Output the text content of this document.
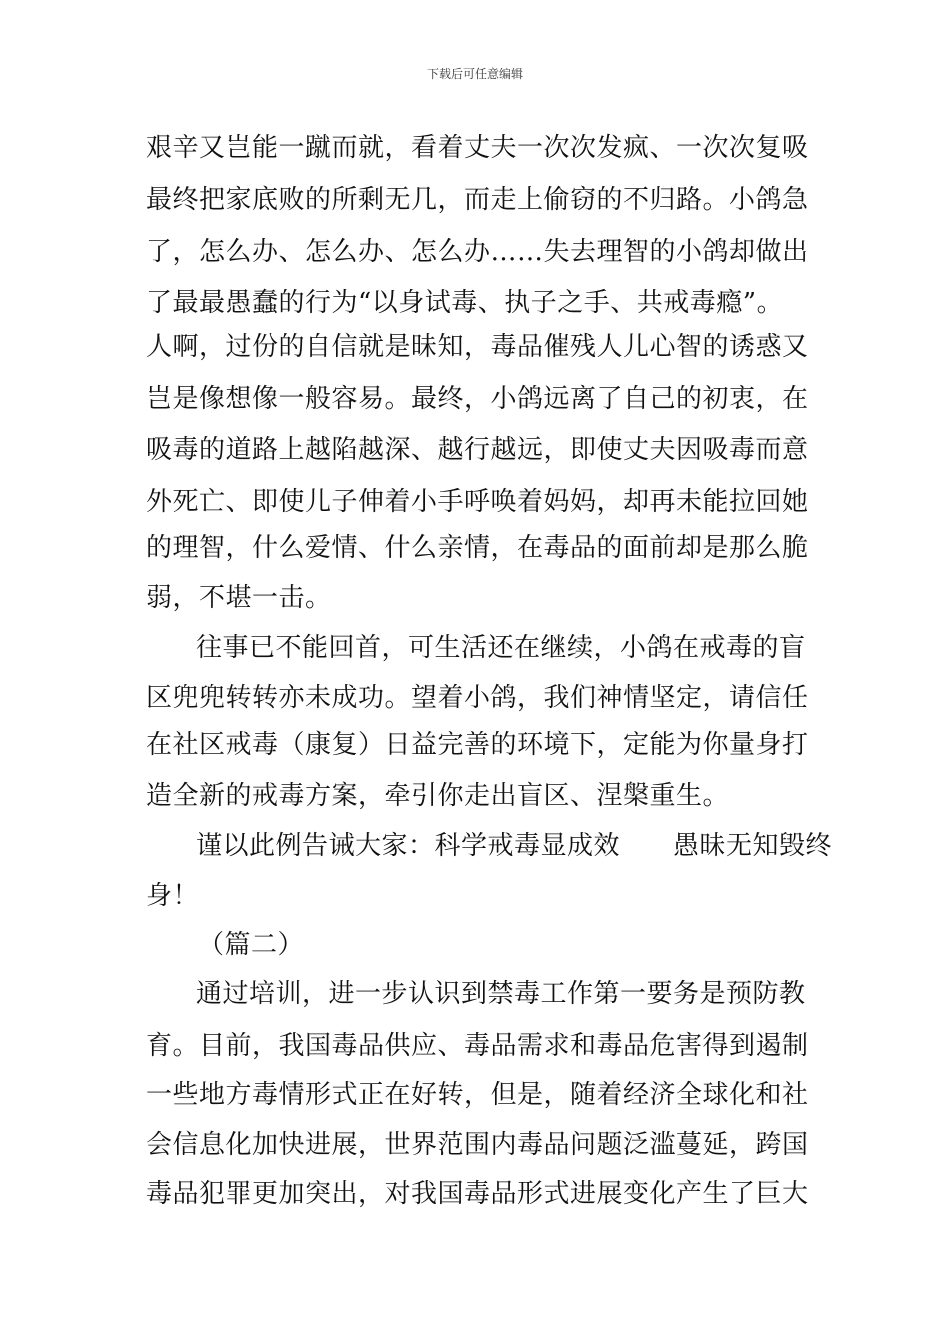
下载后可任意编辑
艰辛又岂能一蹴而就，看着丈夫一次次发疯、一次次复吸
最终把家底败的所剩无几，而走上偷窃的不归路。小鸽急
了，怎么办、怎么办、怎么办……失去理智的小鸽却做出
了最最愚蠢的行为“以身试毒、执子之手、共戒毒瘾”。
人啊，过份的自信就是昧知，毒品催残人儿心智的诱惑又
岂是像想像一般容易。最终，小鸽远离了自己的初衷，在
吸毒的道路上越陷越深、越行越远，即使丈夫因吸毒而意
外死亡、即使儿子伸着小手呼唤着妈妈，却再未能拉回她
的理智，什么爱情、什么亲情，在毒品的面前却是那么脆
弱，不堪一击。
往事已不能回首，可生活还在继续，小鸽在戒毒的盲
区兜兜转转亦未成功。望着小鸽，我们神情坚定，请信任
在社区戒毒（康复）日益完善的环境下，定能为你量身打
造全新的戒毒方案，牵引你走出盲区、涅槃重生。
谨以此例告诫大家：科学戒毒显成效　　愚昧无知毁终
身！
（篇二）
通过培训，进一步认识到禁毒工作第一要务是预防教
育。目前，我国毒品供应、毒品需求和毒品危害得到遏制
一些地方毒情形式正在好转，但是，随着经济全球化和社
会信息化加快进展，世界范围内毒品问题泛滥蔓延，跨国
毒品犯罪更加突出，对我国毒品形式进展变化产生了巨大
